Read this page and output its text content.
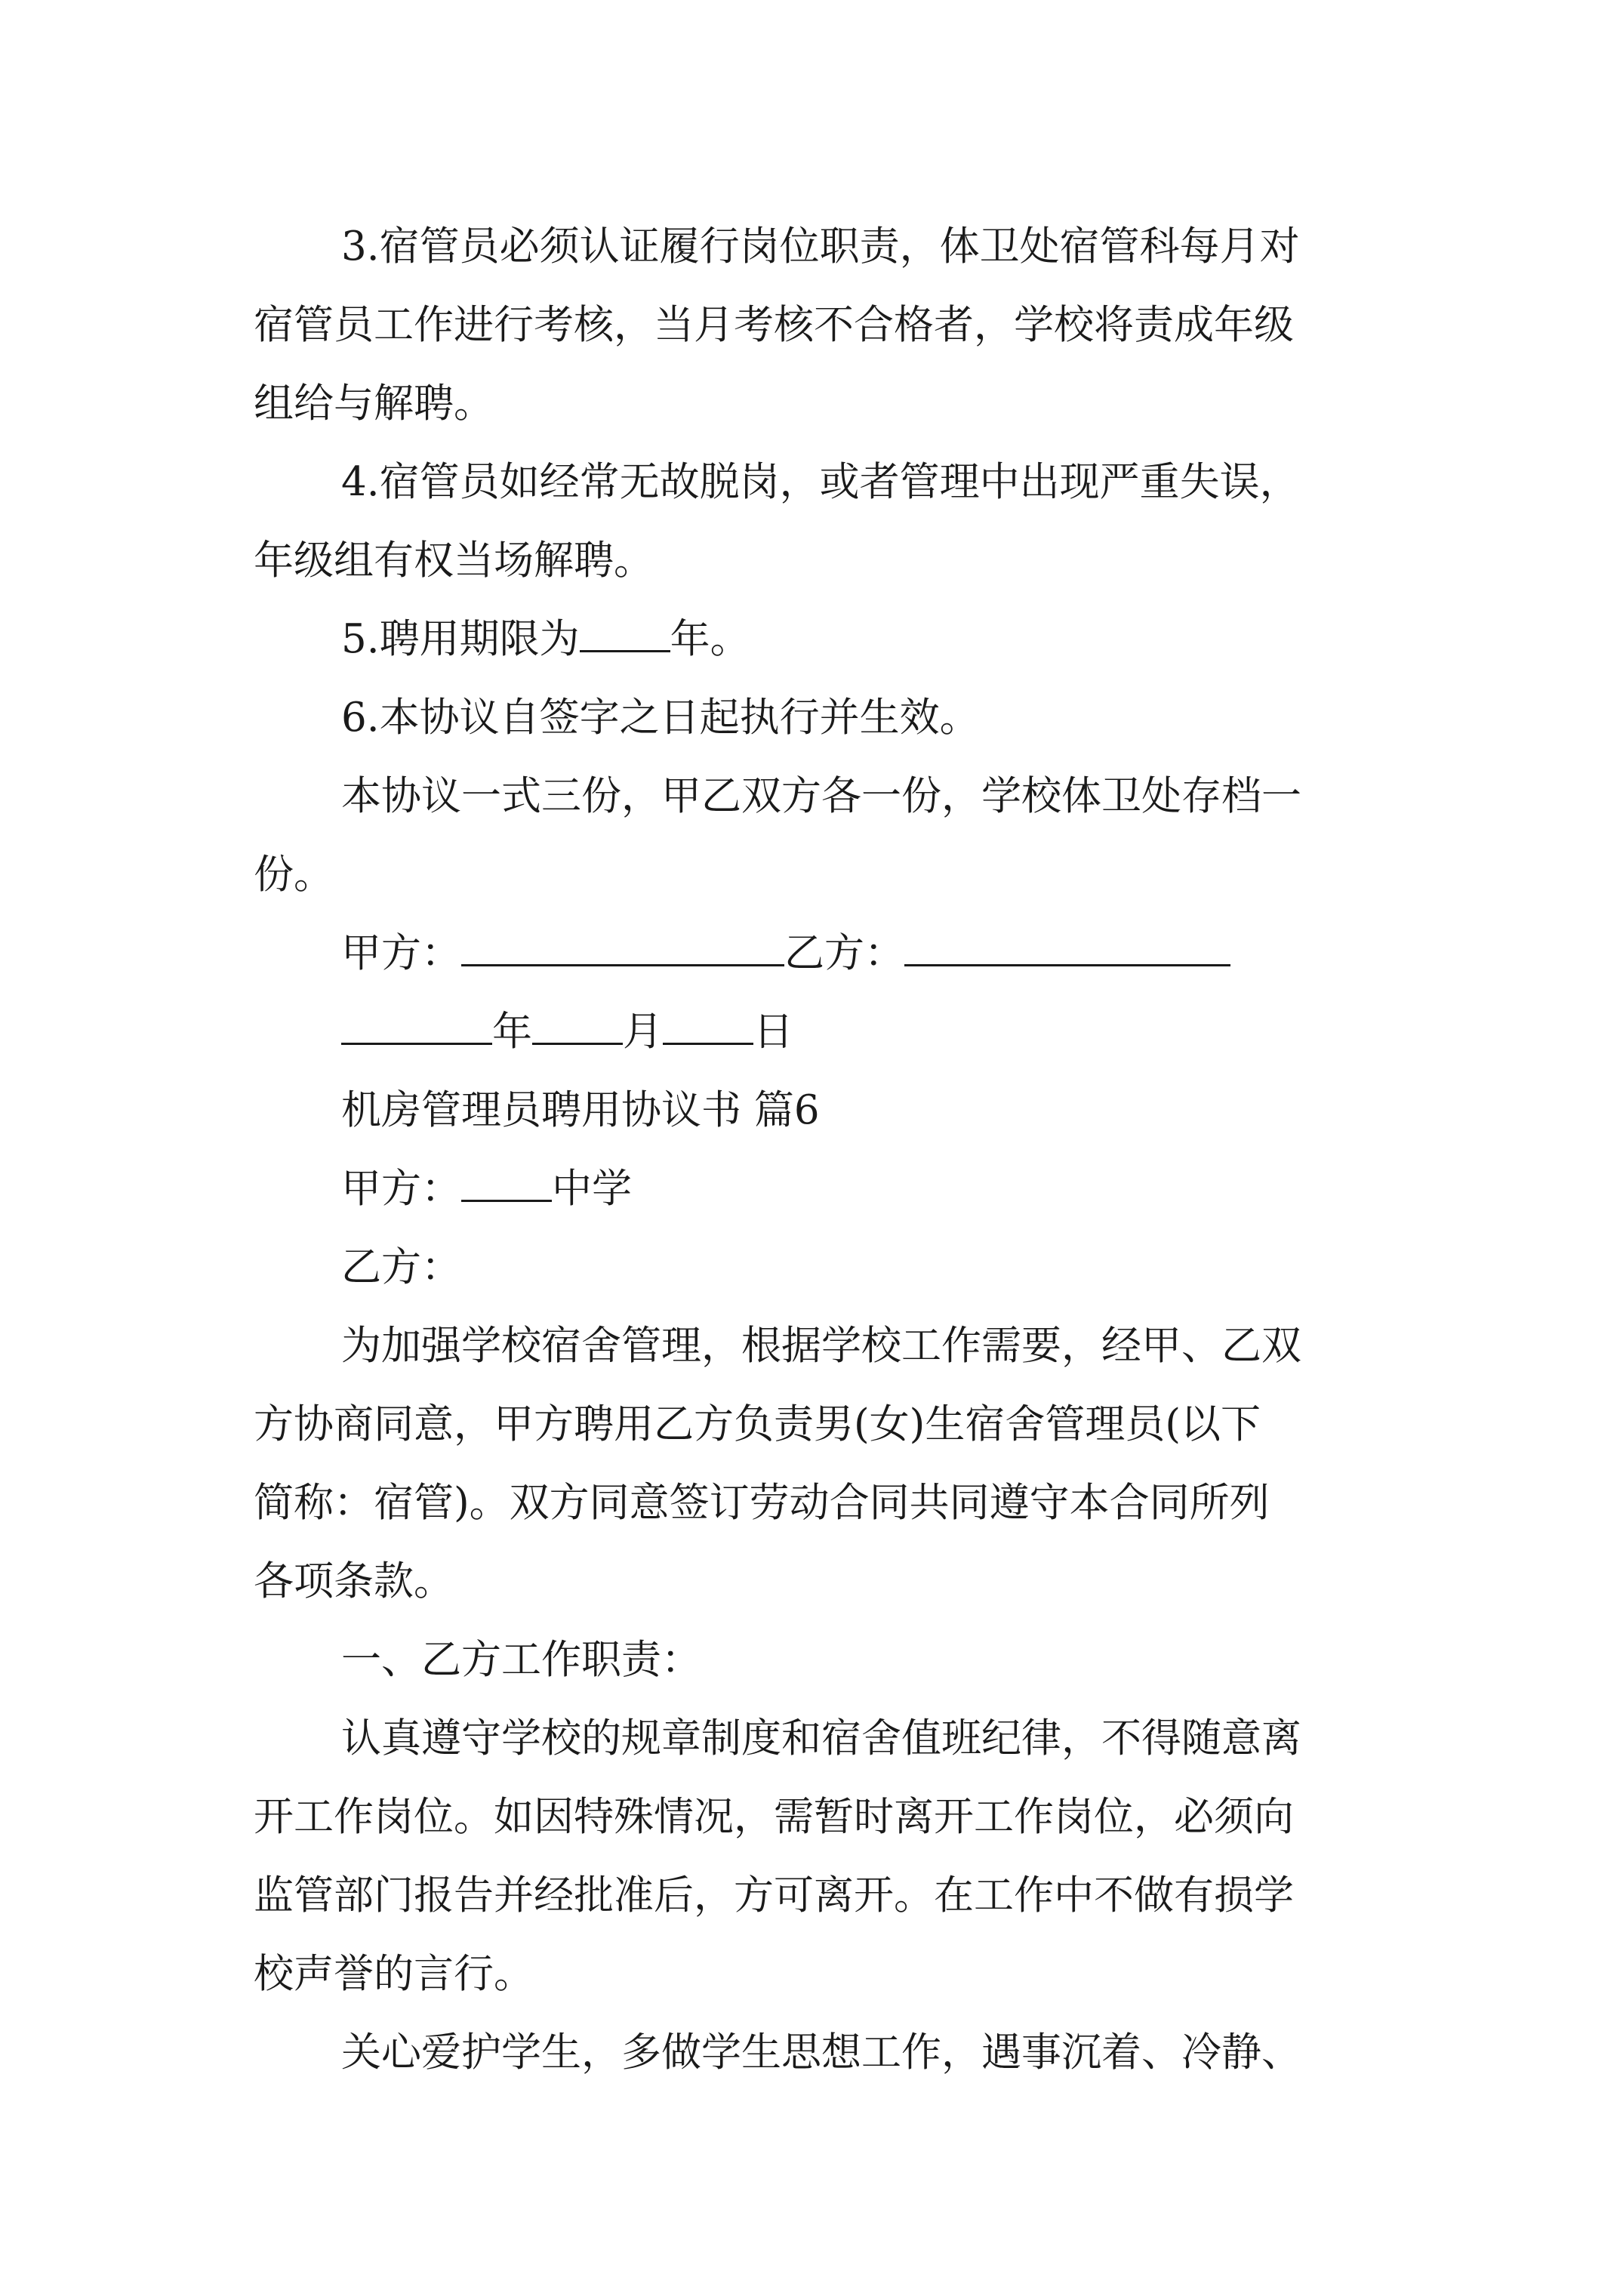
3.宿管员必须认证履行岗位职责，体卫处宿管科每月对
宿管员工作进行考核，当月考核不合格者，学校将责成年级
组给与解聘。
4.宿管员如经常无故脱岗，或者管理中出现严重失误，
年级组有权当场解聘。
5.聘用期限为 年。
6.本协议自签字之日起执行并生效。
本协议一式三份，甲乙双方各一份，学校体卫处存档一
份。
甲方：	乙方：
年 月 日
机房管理员聘用协议书 篇6
甲方： 中学
乙方：
为加强学校宿舍管理，根据学校工作需要，经甲、乙双
方协商同意，甲方聘用乙方负责男(女)生宿舍管理员(以下
简称：宿管)。双方同意签订劳动合同共同遵守本合同所列
各项条款。
一、乙方工作职责：
认真遵守学校的规章制度和宿舍值班纪律，不得随意离
开工作岗位。如因特殊情况，需暂时离开工作岗位，必须向
监管部门报告并经批准后，方可离开。在工作中不做有损学
校声誉的言行。
关心爱护学生，多做学生思想工作，遇事沉着、冷静、
